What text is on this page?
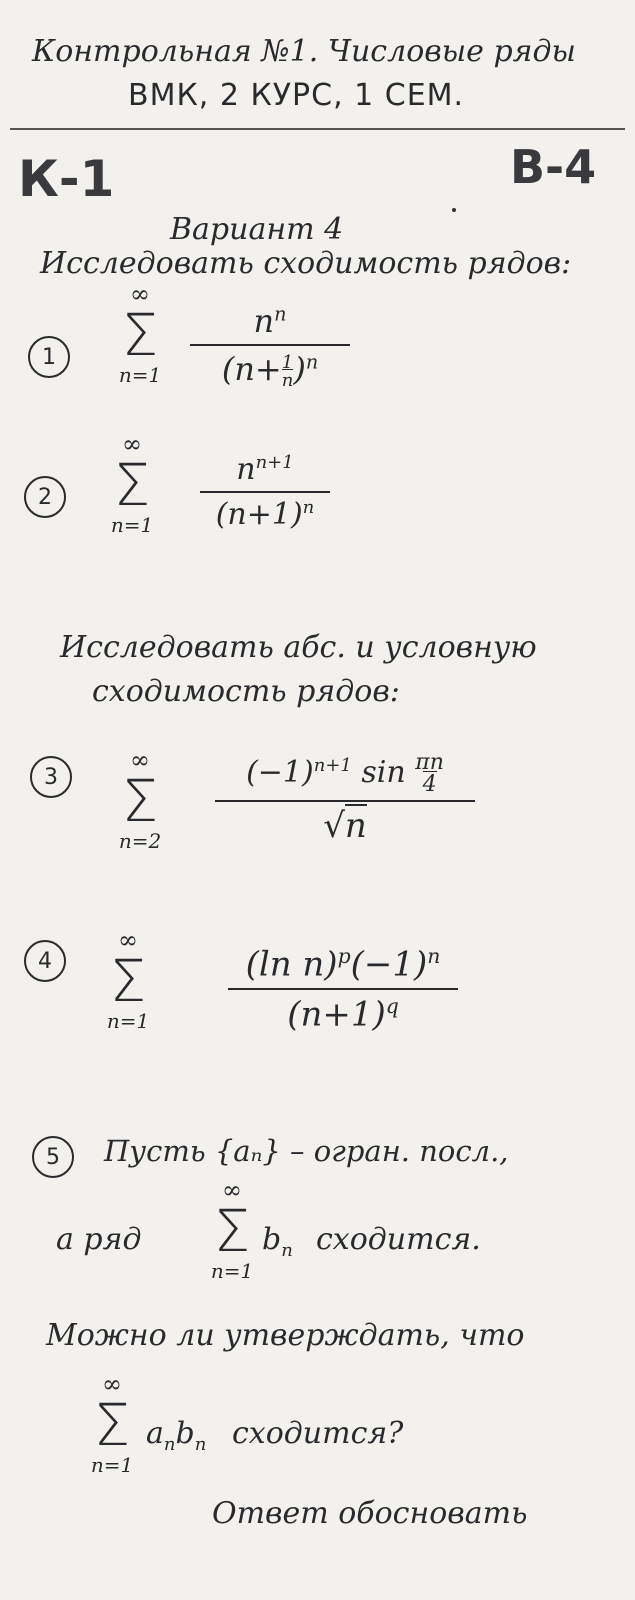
Контрольная №1. Числовые ряды
ВМК, 2 КУРС, 1 СЕМ.
К-1	В-4
Вариант 4
Исследовать сходимость рядов:
1
∞
Σ
n=1
$n^n$
(n+1
n)$^n$
2
∞
Σ
n=1
$n^{n+1}$
$(n+1)^n$
Исследовать абс. и условную
сходимость рядов:
3
∞
Σ
n=2
$(-1)^{n+1}$ sin πn
4
√n
4
∞
Σ
n=1
(ln $n)^p(-1)^n$
$(n+1)^q$
5	Пусть {aₙ} – огран. посл.,
а ряд
∞
Σ
n=1
$b_n$ сходится.
Можно ли утверждать, что
∞
Σ
n=1
$a_nb_n$ сходится?
Ответ обосновать
